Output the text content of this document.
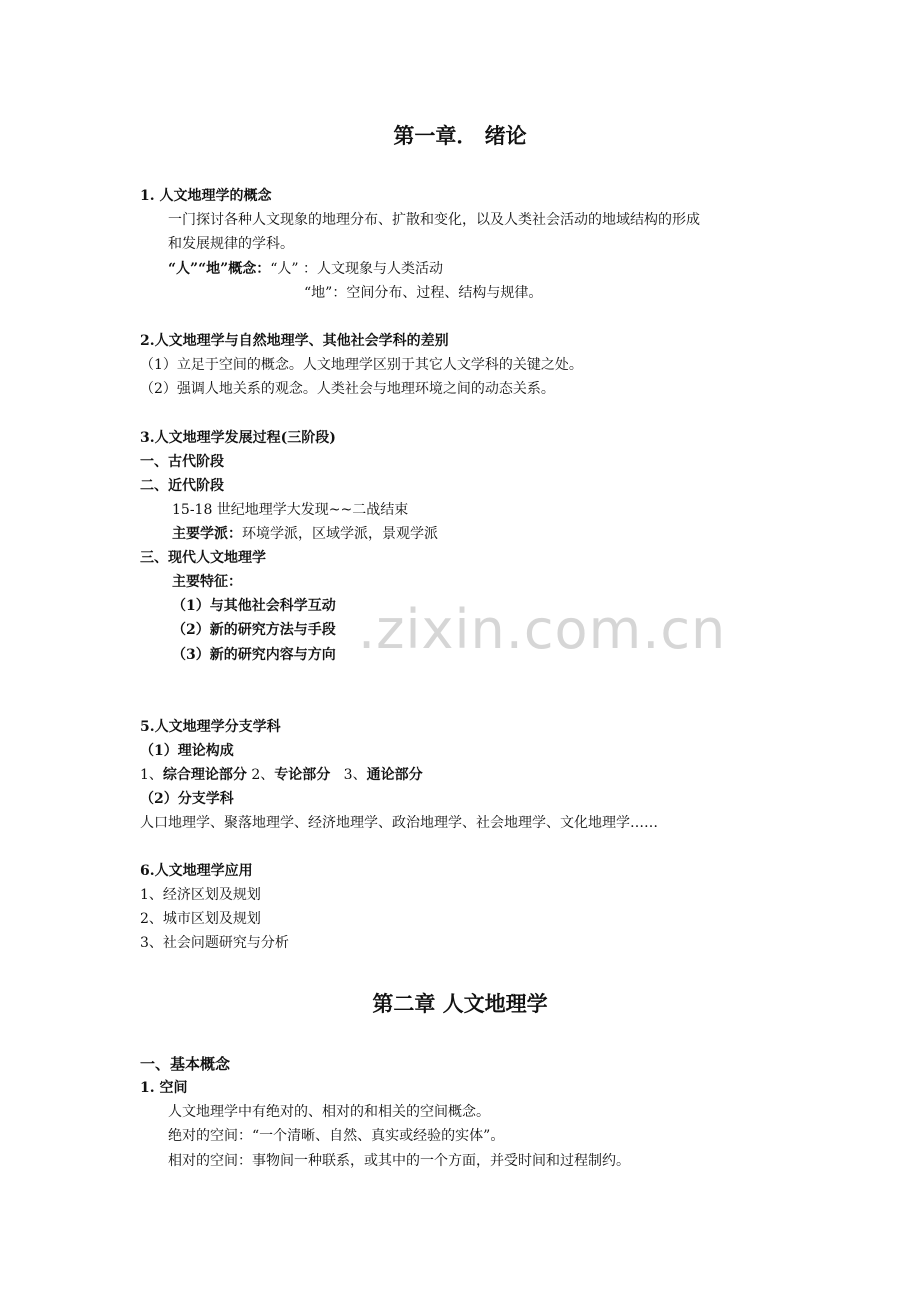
.zixin.com.cn
第一章． 绪论
1. 人文地理学的概念
一门探讨各种人文现象的地理分布、扩散和变化，以及人类社会活动的地域结构的形成
和发展规律的学科。
“人”“地”概念：“人” ：人文现象与人类活动
“地”：空间分布、过程、结构与规律。
2.人文地理学与自然地理学、其他社会学科的差别
（1）立足于空间的概念。人文地理学区别于其它人文学科的关键之处。
（2）强调人地关系的观念。人类社会与地理环境之间的动态关系。
3.人文地理学发展过程(三阶段)
一、古代阶段
二、近代阶段
15-18 世纪地理学大发现~~二战结束
主要学派：环境学派，区域学派，景观学派
三、现代人文地理学
主要特征：
（1）与其他社会科学互动
（2）新的研究方法与手段
（3）新的研究内容与方向
5.人文地理学分支学科
（1）理论构成
1、综合理论部分 2、专论部分 3、通论部分
（2）分支学科
人口地理学、聚落地理学、经济地理学、政治地理学、社会地理学、文化地理学……
6.人文地理学应用
1、经济区划及规划
2、城市区划及规划
3、社会问题研究与分析
第二章 人文地理学
一、基本概念
1. 空间
人文地理学中有绝对的、相对的和相关的空间概念。
绝对的空间：“一个清晰、自然、真实或经验的实体”。
相对的空间：事物间一种联系，或其中的一个方面，并受时间和过程制约。
